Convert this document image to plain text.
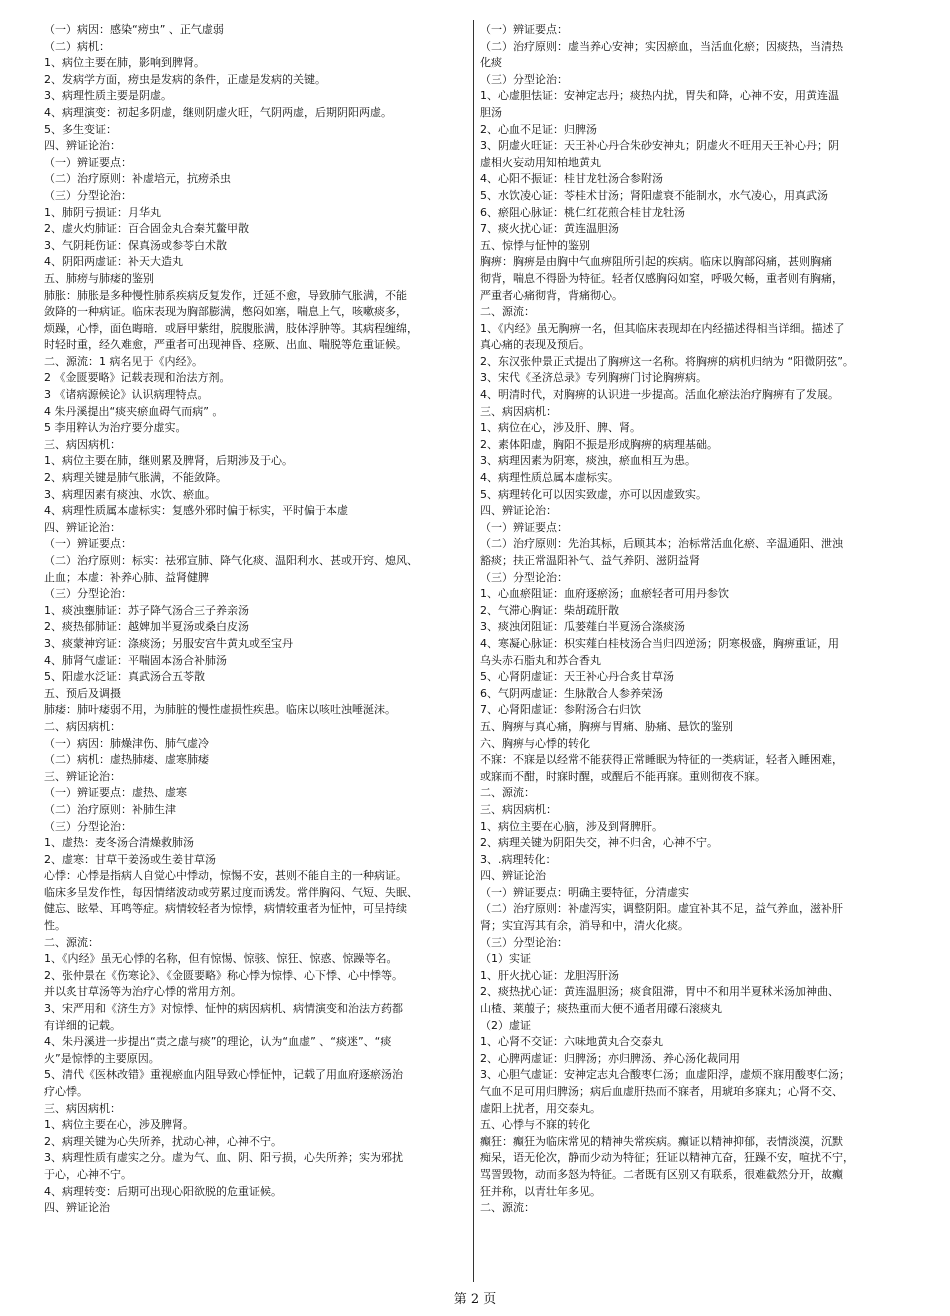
（一）病因：感染“痨虫” 、正气虚弱
（二）病机：
1、病位主要在肺，影响到脾肾。
2、发病学方面，痨虫是发病的条件，正虚是发病的关键。
3、病理性质主要是阴虚。
4、病理演变：初起多阴虚，继则阴虚火旺，气阴两虚，后期阴阳两虚。
5、多生变证：
四、辨证论治：
（一）辨证要点：
（二）治疗原则：补虚培元，抗痨杀虫
（三）分型论治：
1、肺阴亏损证：月华丸
2、虚火灼肺证：百合固金丸合秦艽鳖甲散
3、气阴耗伤证：保真汤或参苓白术散
4、阴阳两虚证：补天大造丸
五、肺痨与肺痿的鉴别
肺胀：肺胀是多种慢性肺系疾病反复发作，迁延不愈，导致肺气胀满，不能
敛降的一种病证。临床表现为胸部膨满，憋闷如塞，喘息上气，咳嗽痰多，
烦躁，心悸，面色晦暗．或唇甲紫绀，脘腹胀满，肢体浮肿等。其病程缠绵，
时轻时重，经久难愈，严重者可出现神昏、痉厥、出血、喘脱等危重证候。
二、源流：1 病名见于《内经》。
2 《金匮要略》记载表现和治法方剂。
3 《诸病源候论》认识病理特点。
4 朱丹溪提出“痰夹瘀血碍气而病” 。
5 李用粹认为治疗要分虚实。
三、病因病机：
1、病位主要在肺，继则累及脾肾，后期涉及于心。
2、病理关键是肺气胀满，不能敛降。
3、病理因素有痰浊、水饮、瘀血。
4、病理性质属本虚标实：复感外邪时偏于标实，平时偏于本虚
四、辨证论治：
（一）辨证要点：
（二）治疗原则：标实：祛邪宣肺、降气化痰、温阳利水、甚或开窍、熄风、
止血；本虚：补养心肺、益肾健脾
（三）分型论治：
1、痰浊壅肺证：苏子降气汤合三子养亲汤
2、痰热郁肺证：越婢加半夏汤或桑白皮汤
3、痰蒙神窍证：涤痰汤；另服安宫牛黄丸或至宝丹
4、肺肾气虚证：平喘固本汤合补肺汤
5、阳虚水泛证：真武汤合五苓散
五、预后及调摄
肺痿：肺叶痿弱不用，为肺脏的慢性虚损性疾患。临床以咳吐浊唾涎沫。
二、病因病机：
（一）病因：肺燥津伤、肺气虚冷
（二）病机：虚热肺痿、虚寒肺痿
三、辨证论治：
（一）辨证要点：虚热、虚寒
（二）治疗原则：补肺生津
（三）分型论治：
1、虚热：麦冬汤合清燥救肺汤
2、虚寒：甘草干姜汤或生姜甘草汤
心悸：心悸是指病人自觉心中悸动，惊惕不安，甚则不能自主的一种病证。
临床多呈发作性，每因情绪波动或劳累过度而诱发。常伴胸闷、气短、失眠、
健忘、眩晕、耳鸣等症。病情较轻者为惊悸，病情较重者为怔忡，可呈持续
性。
二、源流：
1、《内经》虽无心悸的名称，但有惊惕、惊骇、惊狂、惊惑、惊躁等名。
2、张仲景在《伤寒论》、《金匮要略》称心悸为惊悸、心下悸、心中悸等。
并以炙甘草汤等为治疗心悸的常用方剂。
3、宋严用和《济生方》对惊悸、怔忡的病因病机、病情演变和治法方药都
有详细的记载。
4、朱丹溪进一步提出“责之虚与痰”的理论，认为“血虚” 、“痰迷”、“痰
火”是惊悸的主要原因。
5、清代《医林改错》重视瘀血内阻导致心悸怔忡，记载了用血府逐瘀汤治
疗心悸。
三、病因病机：
1、病位主要在心，涉及脾肾。
2、病理关键为心失所养，扰动心神，心神不宁。
3、病理性质有虚实之分。虚为气、血、阴、阳亏损，心失所养；实为邪扰
于心，心神不宁。
4、病理转变：后期可出现心阳欲脱的危重证候。
四、辨证论治
（一）辨证要点：
（二）治疗原则：虚当养心安神；实因瘀血，当活血化瘀；因痰热，当清热
化痰
（三）分型论治：
1、心虚胆怯证：安神定志丹；痰热内扰，胃失和降，心神不安，用黄连温
胆汤
2、心血不足证：归脾汤
3、阴虚火旺证：天王补心丹合朱砂安神丸；阴虚火不旺用天王补心丹；阴
虚相火妄动用知柏地黄丸
4、心阳不振证：桂甘龙牡汤合参附汤
5、水饮凌心证：苓桂术甘汤；肾阳虚衰不能制水，水气凌心，用真武汤
6、瘀阻心脉证：桃仁红花煎合桂甘龙牡汤
7、痰火扰心证：黄连温胆汤
五、惊悸与怔忡的鉴别
胸痹：胸痹是由胸中气血痹阻所引起的疾病。临床以胸部闷痛，甚则胸痛
彻背，喘息不得卧为特征。轻者仅感胸闷如窒，呼吸欠畅，重者则有胸痛，
严重者心痛彻背，背痛彻心。
二、源流：
1、《内经》虽无胸痹一名，但其临床表现却在内经描述得相当详细。描述了
真心痛的表现及预后。
2、东汉张仲景正式提出了胸痹这一名称。将胸痹的病机归纳为 “阳微阴弦”。
3、宋代《圣济总录》专列胸痹门讨论胸痹病。
4、明清时代，对胸痹的认识进一步提高。活血化瘀法治疗胸痹有了发展。
三、病因病机：
1、病位在心，涉及肝、脾、肾。
2、素体阳虚，胸阳不振是形成胸痹的病理基础。
3、病理因素为阴寒，痰浊，瘀血相互为患。
4、病理性质总属本虚标实。
5、病理转化可以因实致虚，亦可以因虚致实。
四、辨证论治：
（一）辨证要点：
（二）治疗原则：先治其标，后顾其本；治标常活血化瘀、辛温通阳、泄浊
豁痰；扶正常温阳补气、益气养阴、滋阴益肾
（三）分型论治：
1、心血瘀阻证：血府逐瘀汤；血瘀轻者可用丹参饮
2、气滞心胸证：柴胡疏肝散
3、痰浊闭阻证：瓜蒌薤白半夏汤合涤痰汤
4、寒凝心脉证：枳实薤白桂枝汤合当归四逆汤；阴寒极盛，胸痹重证，用
乌头赤石脂丸和苏合香丸
5、心肾阴虚证：天王补心丹合炙甘草汤
6、气阴两虚证：生脉散合人参养荣汤
7、心肾阳虚证：参附汤合右归饮
五、胸痹与真心痛，胸痹与胃痛、胁痛、悬饮的鉴别
六、胸痹与心悸的转化
不寐：不寐是以经常不能获得正常睡眠为特征的一类病证，轻者入睡困难，
或寐而不酣，时寐时醒，或醒后不能再寐。重则彻夜不寐。
二、源流：
三、病因病机：
1、病位主要在心脑，涉及到肾脾肝。
2、病理关键为阴阳失交，神不归舍，心神不宁。
3、.病理转化：
四、辨证论治
（一）辨证要点：明确主要特征，分清虚实
（二）治疗原则：补虚泻实，调整阴阳。虚宜补其不足，益气养血，滋补肝
肾；实宜泻其有余，消导和中，清火化痰。
（三）分型论治：
（1）实证
1、肝火扰心证：龙胆泻肝汤
2、痰热扰心证：黄连温胆汤；痰食阻滞，胃中不和用半夏秫米汤加神曲、
山楂、莱菔子；痰热重而大便不通者用礞石滚痰丸
（2）虚证
1、心肾不交证：六味地黄丸合交泰丸
2、心脾两虚证：归脾汤；亦归脾汤、养心汤化裁同用
3、心胆气虚证：安神定志丸合酸枣仁汤；血虚阳浮，虚烦不寐用酸枣仁汤；
气血不足可用归脾汤；病后血虚肝热而不寐者，用琥珀多寐丸；心肾不交、
虚阳上扰者，用交泰丸。
五、心悸与不寐的转化
癫狂：癫狂为临床常见的精神失常疾病。癫证以精神抑郁，表情淡漠，沉默
痴呆，语无伦次，静而少动为特征；狂证以精神亢奋，狂躁不安，喧扰不宁，
骂詈毁物，动而多怒为特征。二者既有区别又有联系，很难截然分开，故癫
狂并称，以青壮年多见。
二、源流：
第 2 页
